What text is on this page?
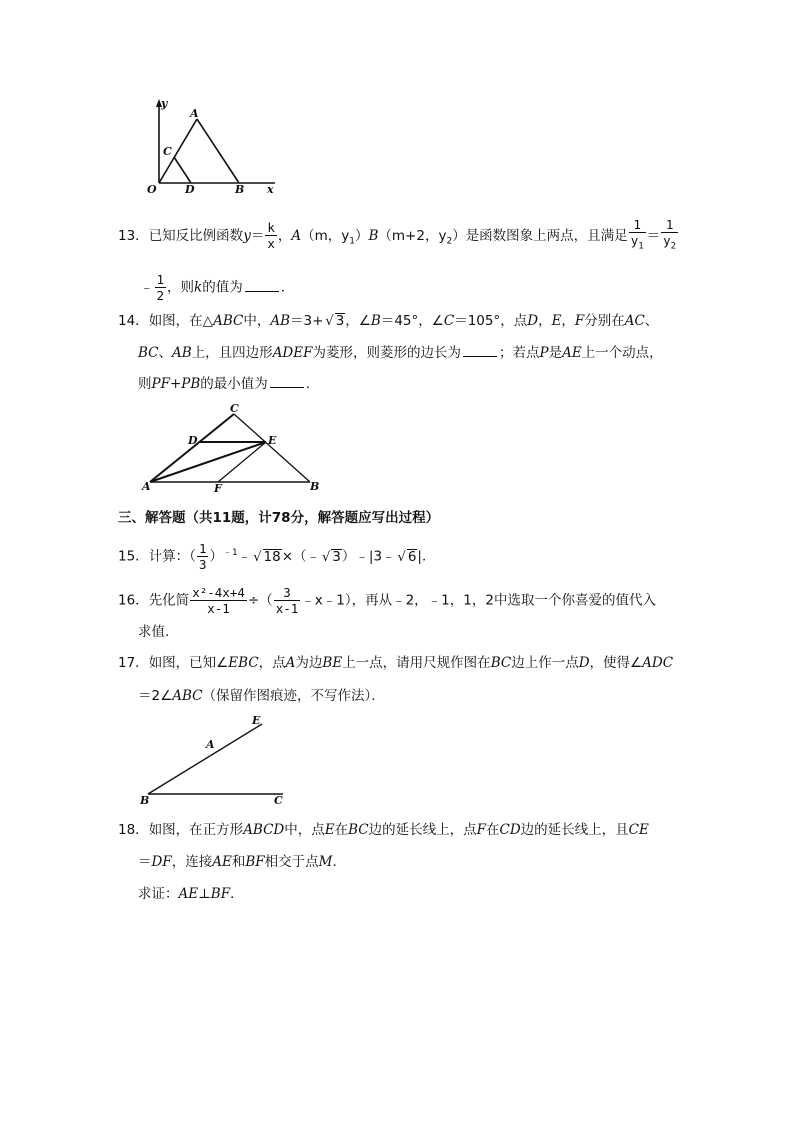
y
A
C
O	D	B x
13．已知反比例函数$y= \frac{k}{x}$ ，A（m，$y_1)B(m+2$，$y_2$）是函数图象上两点，且满足 $\frac{1}{y_1} = \frac{1}{y_2}$
﹣ $\frac{1}{2}$ ，则k的值为	．
14．如图，在△ABC中，AB＝3+ √ 3，∠B＝45°，∠C＝105°，点D，E，F分别在AC、
BC、AB上，且四边形ADEF为菱形，则菱形的边长为	；若点P是AE上一个动点，
则PF+PB的最小值为	．
C
D	E
A	F	B
三、解答题（共11题，计78分，解答题应写出过程）
15．计算：（ $\frac{1}{3}$ ）$^{﹣1}$﹣ √ 18×（﹣ √ 3）﹣|3﹣ √ 6|．
16．先化简 $\frac{\text{x²-4x+4}}{x-1}$ ÷（ $\frac{3}{x-1}$ ﹣x﹣1），再从﹣2，﹣1，1，2中选取一个你喜爱的值代入
求值．
17．如图，已知∠EBC，点A为边BE上一点，请用尺规作图在BC边上作一点D，使得∠ADC
＝2∠ABC（保留作图痕迹，不写作法）．
E
A
B	C
18．如图，在正方形ABCD中，点E在BC边的延长线上，点F在CD边的延长线上，且CE
＝DF，连接AE和BF相交于点M．
求证：AE⊥BF．
